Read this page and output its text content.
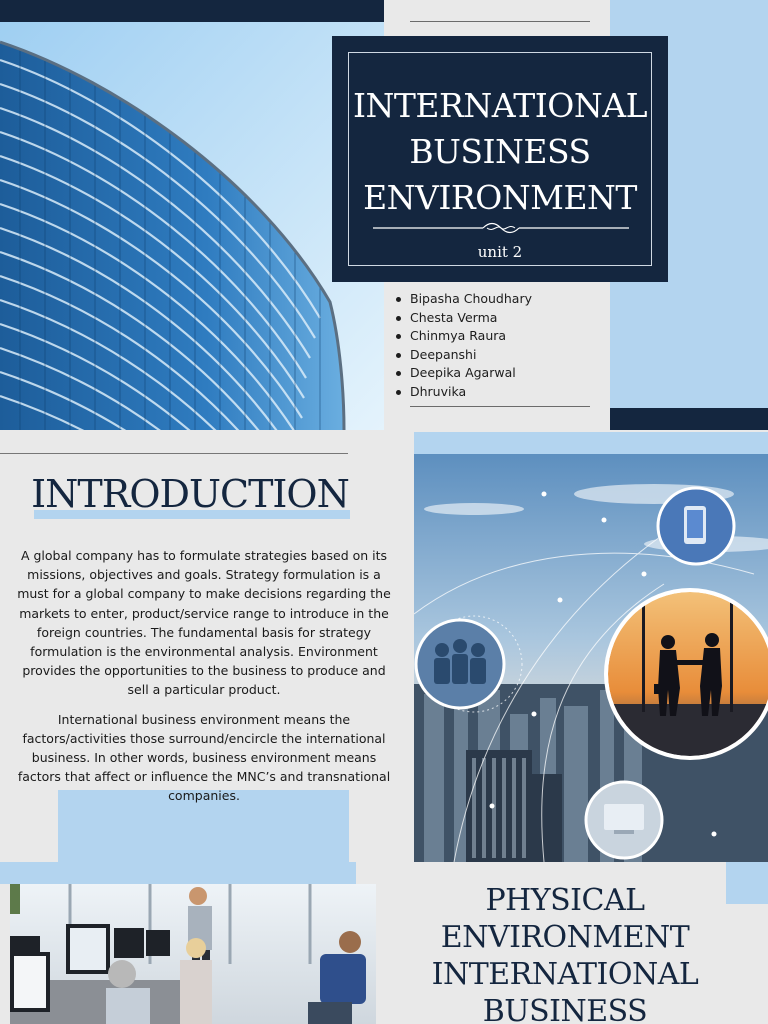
INTERNATIONAL
BUSINESS
ENVIRONMENT
unit 2
Bipasha Choudhary
Chesta Verma
Chinmya Raura
Deepanshi
Deepika Agarwal
Dhruvika
INTRODUCTION

A global company has to formulate strategies based on its missions, objectives and goals. Strategy formulation is a must for a global company to make decisions regarding the markets to enter, product/service range to introduce in the foreign countries. The fundamental basis for strategy formulation is the environmental analysis. Environment provides the opportunities to the business to produce and sell a particular product.

International business environment means the factors/activities those surround/encircle the international business. In other words, business environment means factors that affect or influence the MNC’s and transnational companies.

PHYSICAL
ENVIRONMENT
INTERNATIONAL
BUSINESS
